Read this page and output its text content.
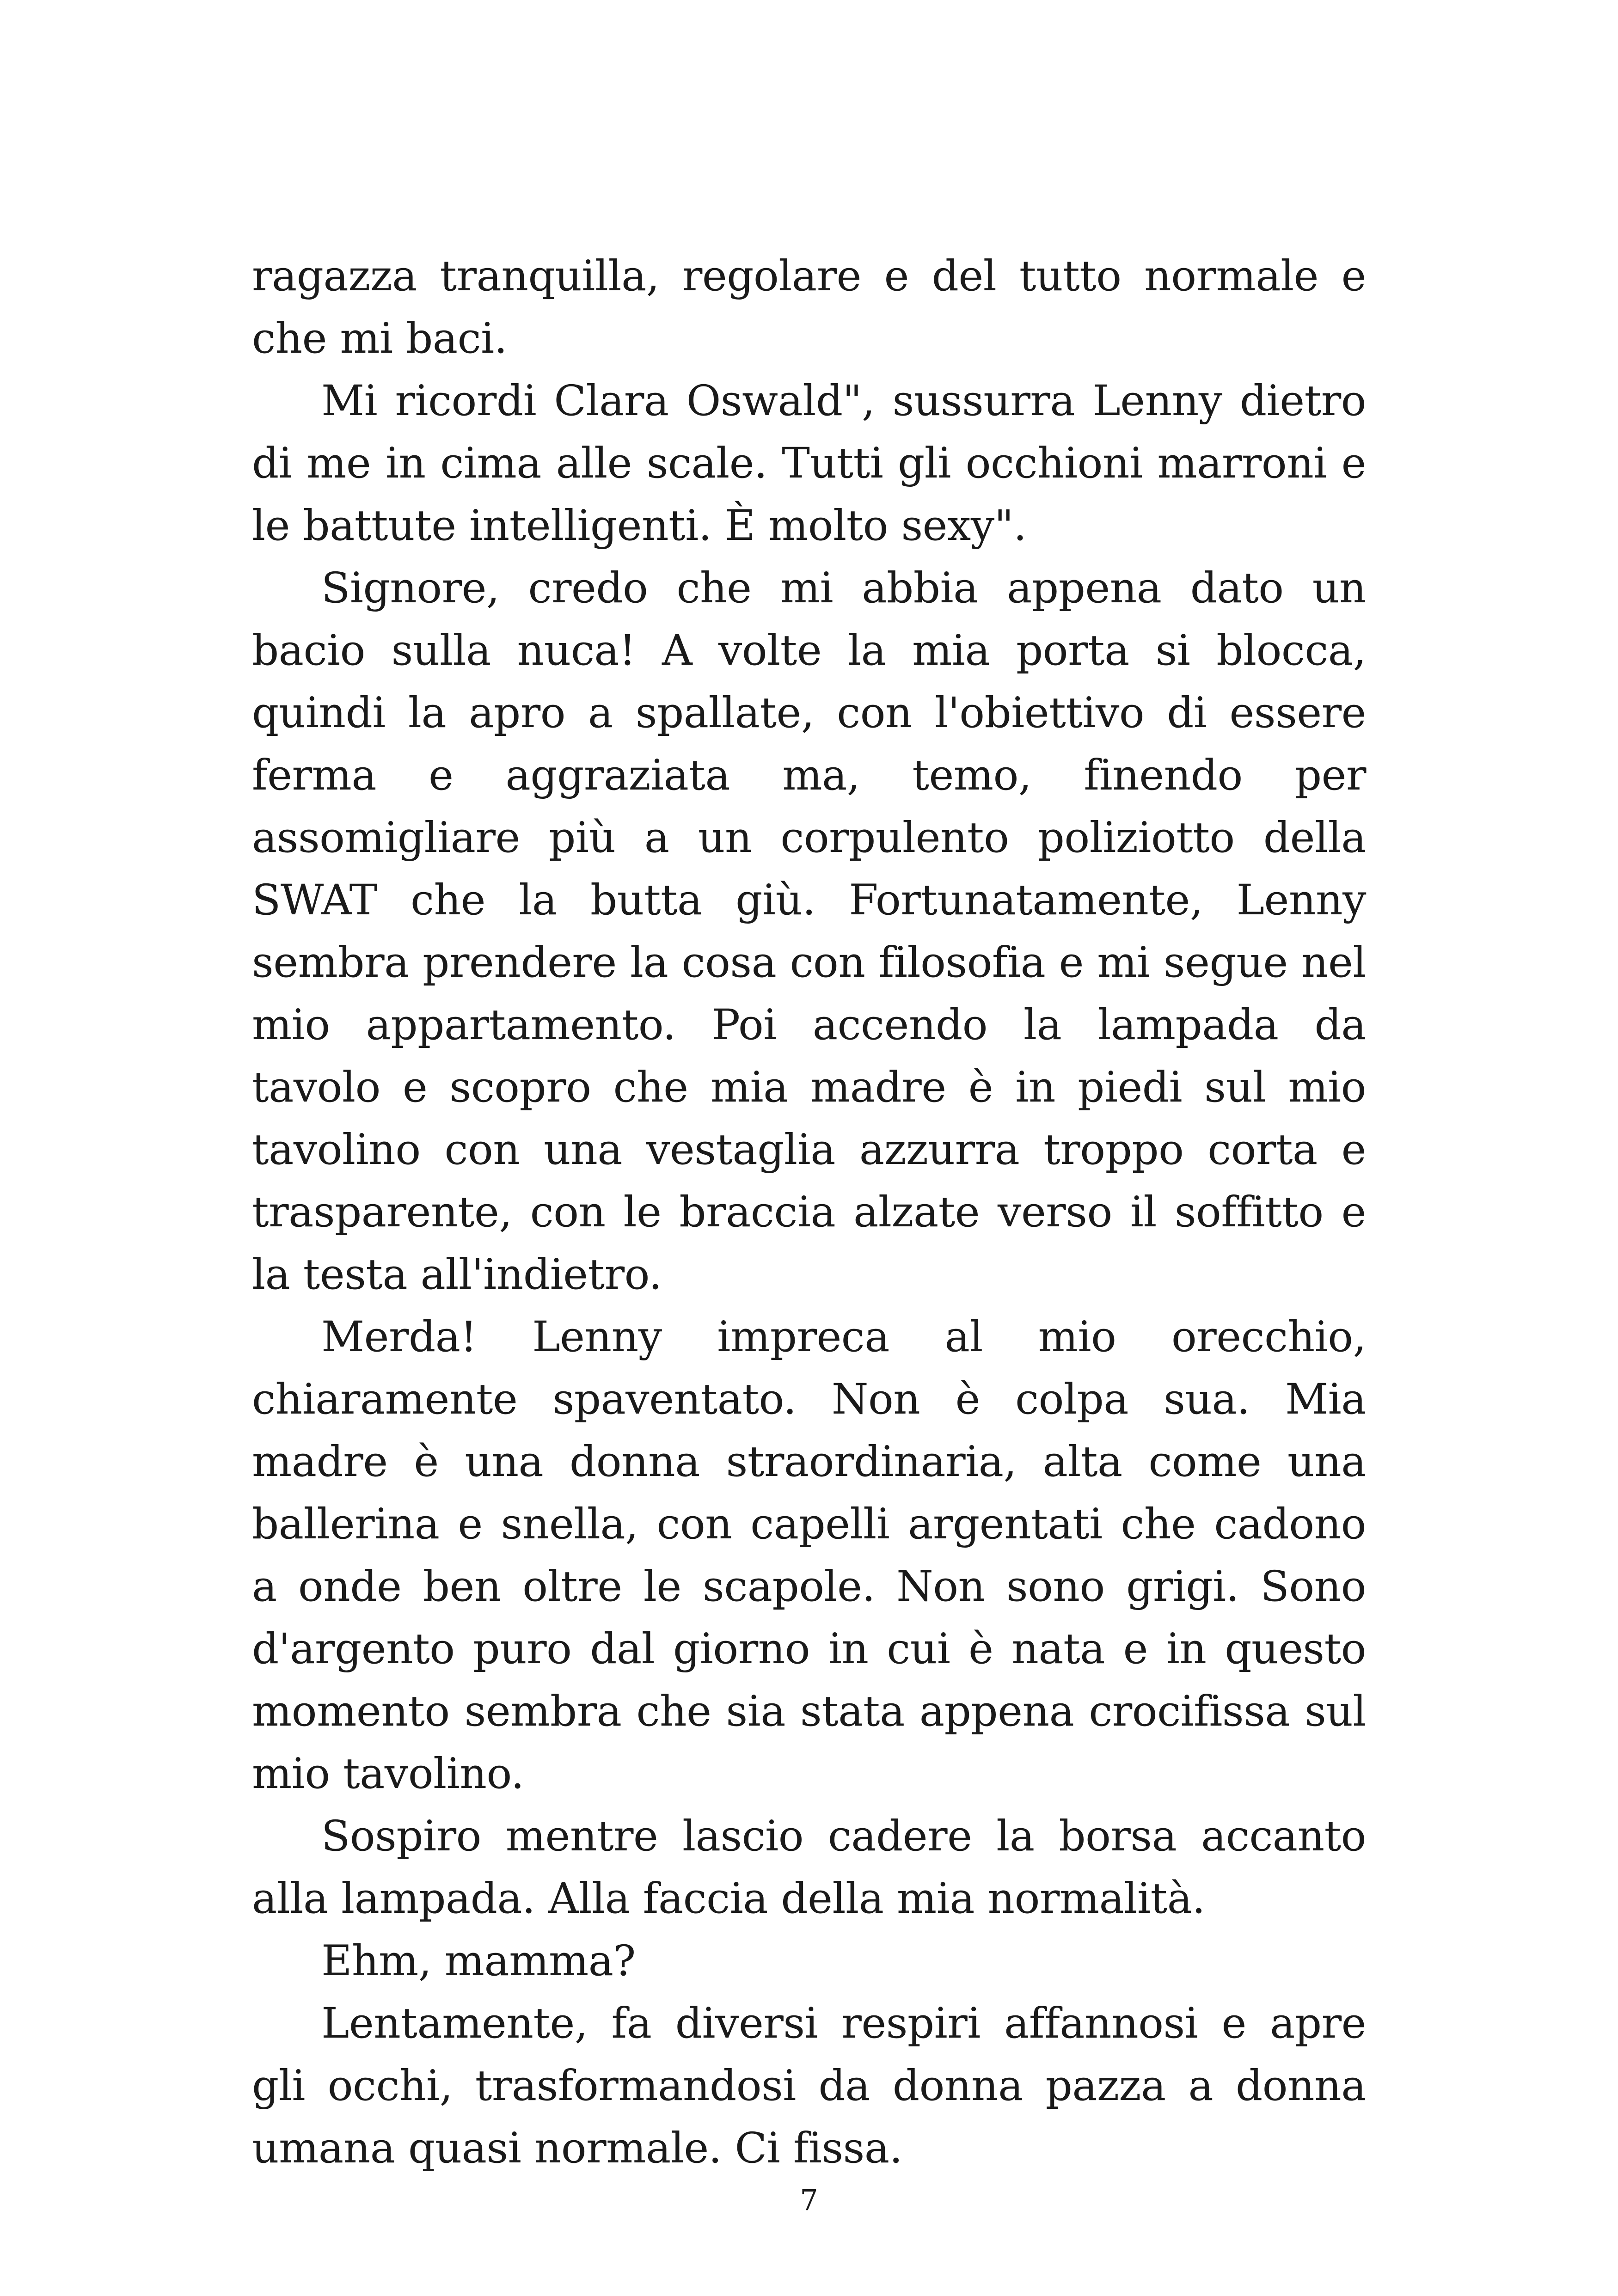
ragazza tranquilla, regolare e del tutto normale e che mi baci.

Mi ricordi Clara Oswald", sussurra Lenny dietro di me in cima alle scale. Tutti gli occhioni marroni e le battute intelligenti. È molto sexy".

Signore, credo che mi abbia appena dato un bacio sulla nuca! A volte la mia porta si blocca, quindi la apro a spallate, con l'obiettivo di essere ferma e aggraziata ma, temo, finendo per assomigliare più a un corpulento poliziotto della SWAT che la butta giù. Fortunatamente, Lenny sembra prendere la cosa con filosofia e mi segue nel mio appartamento. Poi accendo la lampada da tavolo e scopro che mia madre è in piedi sul mio tavolino con una vestaglia azzurra troppo corta e trasparente, con le braccia alzate verso il soffitto e la testa all'indietro.

Merda! Lenny impreca al mio orecchio, chiaramente spaventato. Non è colpa sua. Mia madre è una donna straordinaria, alta come una ballerina e snella, con capelli argentati che cadono a onde ben oltre le scapole. Non sono grigi. Sono d'argento puro dal giorno in cui è nata e in questo momento sembra che sia stata appena crocifissa sul mio tavolino.

Sospiro mentre lascio cadere la borsa accanto alla lampada. Alla faccia della mia normalità.

Ehm, mamma?

Lentamente, fa diversi respiri affannosi e apre gli occhi, trasformandosi da donna pazza a donna umana quasi normale. Ci fissa.

7
